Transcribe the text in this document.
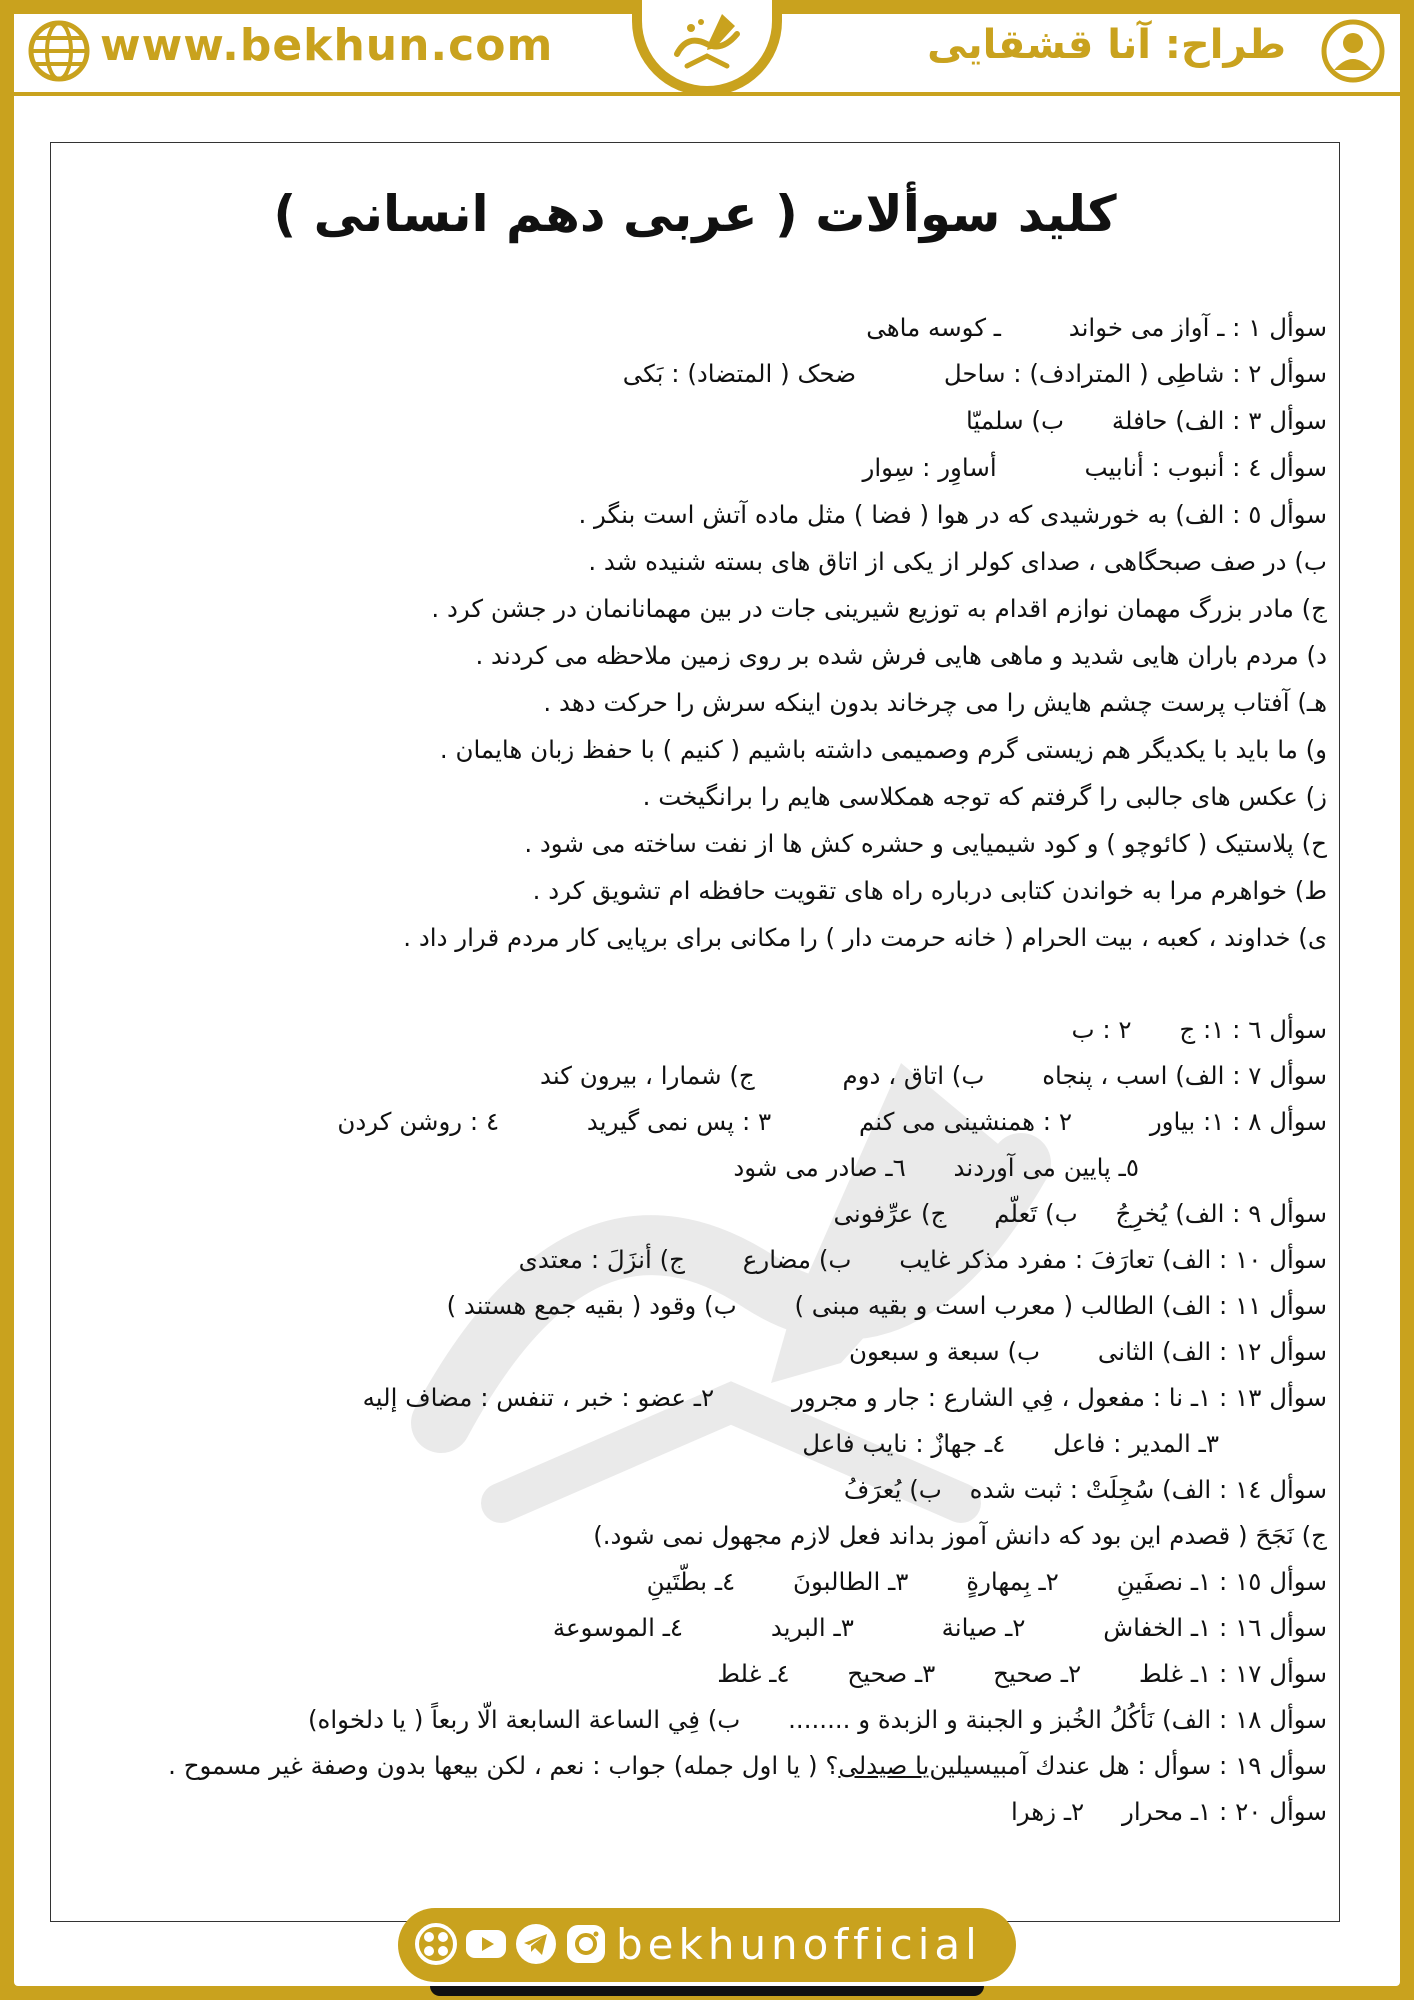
www.bekhun.com	طراح: آنا قشقایی
کلید سوألات ( عربی دهم انسانی )
سوأل ۱ : ـ آواز می خواند ـ کوسه ماهی
سوأل ۲ : شاطِی ( المترادف) : ساحل ضحک ( المتضاد) : بَکی
سوأل ۳ : الف) حافلة ب) سلمیّا
سوأل ٤ : أنبوب : أنابیب أساوِر : سِوار
سوأل ٥ : الف) به خورشیدی که در هوا ( فضا ) مثل ماده آتش است بنگر .
ب) در صف صبحگاهی ، صدای کولر از یکی از اتاق های بسته شنیده شد .
ج) مادر بزرگ مهمان نوازم اقدام به توزیع شیرینی جات در بین مهمانانمان در جشن کرد .
د) مردم باران هایی شدید و ماهی هایی فرش شده بر روی زمین ملاحظه می کردند .
هـ) آفتاب پرست چشم هایش را می چرخاند بدون اینکه سرش را حرکت دهد .
و) ما باید با یکدیگر هم زیستی گرم وصمیمی داشته باشیم ( کنیم ) با حفظ زبان هایمان .
ز) عکس های جالبی را گرفتم که توجه همکلاسی هایم را برانگیخت .
ح) پلاستیک ( کائوچو ) و کود شیمیایی و حشره کش ها از نفت ساخته می شود .
ط) خواهرم مرا به خواندن کتابی درباره راه های تقویت حافظه ام تشویق کرد .
ی) خداوند ، کعبه ، بیت الحرام ( خانه حرمت دار ) را مکانی برای برپایی کار مردم قرار داد .
سوأل ٦ : ۱: ج ۲ : ب
سوأل ۷ : الف) اسب ، پنجاه ب) اتاق ، دوم ج) شمارا ، بیرون کند
سوأل ۸ : ۱: بیاور ۲ : همنشینی می کنم ۳ : پس نمی گیرید ٤ : روشن کردن
٥ـ پایین می آوردند ٦ـ صادر می شود
سوأل ۹ : الف) یُخرِجُ ب) تَعلّم ج) عرِّفونی
سوأل ۱۰ : الف) تعارَفَ : مفرد مذکر غایب ب) مضارع ج) أنزَلَ : معتدی
سوأل ۱۱ : الف) الطالب ( معرب است و بقیه مبنی ) ب) وقود ( بقیه جمع هستند )
سوأل ۱۲ : الف) الثانی ب) سبعة و سبعون
سوأل ۱۳ : ۱ـ نا : مفعول ، فِي الشارع : جار و مجرور ۲ـ عضو : خبر ، تنفس : مضاف إلیه
۳ـ المدیر : فاعل ٤ـ جهازٌ : نایب فاعل
سوأل ۱٤ : الف) سُجِلَتْ : ثبت شده ب) یُعرَفُ
ج) نَجَحَ ( قصدم این بود که دانش آموز بداند فعل لازم مجهول نمی شود.)
سوأل ۱٥ : ۱ـ نصفَینِ ۲ـ بِمهارةٍ ۳ـ الطالبونَ ٤ـ بطّتَینِ
سوأل ۱٦ : ۱ـ الخفاش ۲ـ صیانة ۳ـ البرید ٤ـ الموسوعة
سوأل ۱۷ : ۱ـ غلط ۲ـ صحیح ۳ـ صحیح ٤ـ غلط
سوأل ۱۸ : الف) نَأكُلُ الخُبز و الجبنة و الزبدة و ........ ب) فِي الساعة السابعة الّا ربعاً ( یا دلخواه)
سوأل ۱۹ : سوأل : هل عندك آمبیسیلینیا صیدلی؟ ( یا اول جمله) جواب : نعم ، لکن بیعها بدون وصفة غیر مسموح .
سوأل ۲۰ : ۱ـ محرار ۲ـ زهرا
bekhunofficial
